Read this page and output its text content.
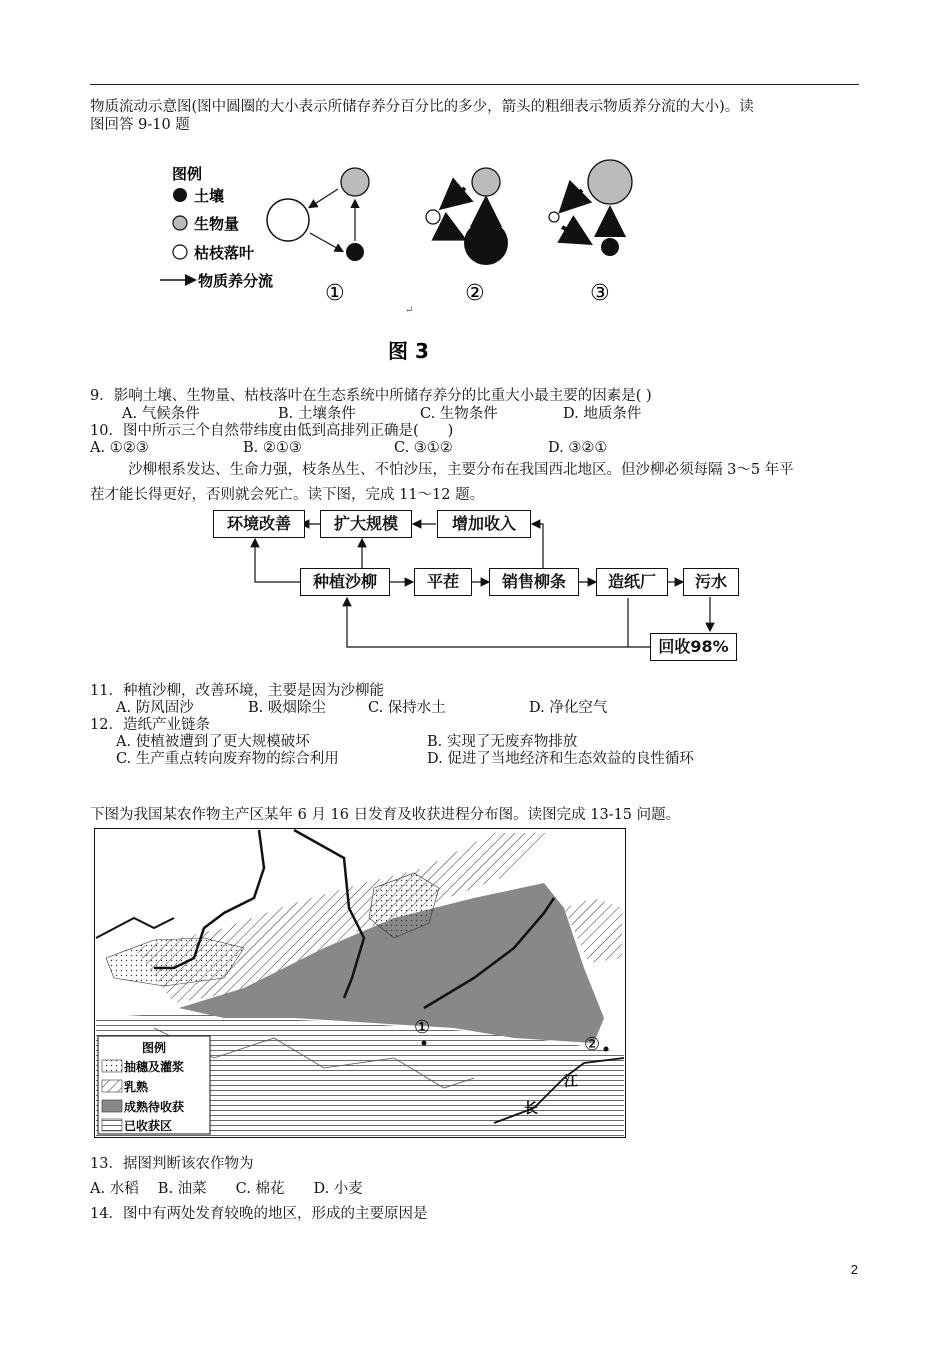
物质流动示意图(图中圆圈的大小表示所储存养分百分比的多少，箭头的粗细表示物质养分流的大小)。读
图回答 9-10 题
图例
土壤
生物量
枯枝落叶
物质养分流 ①	②	③
↵
图 3
9．影响土壤、生物量、枯枝落叶在生态系统中所储存养分的比重大小最主要的因素是( )
A. 气候条件	B. 土壤条件	C. 生物条件	D. 地质条件
10．图中所示三个自然带纬度由低到高排列正确是(　　)
A. ①②③	B. ②①③	C. ③①②	D. ③②①
沙柳根系发达、生命力强，枝条丛生、不怕沙压，主要分布在我国西北地区。但沙柳必须每隔 3～5 年平
茬才能长得更好，否则就会死亡。读下图，完成 11～12 题。
环境改善	扩大规模	增加收入
种植沙柳	平茬	销售柳条	造纸厂	污水
回收98%
11．种植沙柳，改善环境，主要是因为沙柳能
A. 防风固沙	B. 吸烟除尘	C. 保持水土	D. 净化空气
12．造纸产业链条
A. 使植被遭到了更大规模破坏	B. 实现了无废弃物排放
C. 生产重点转向废弃物的综合利用	D. 促进了当地经济和生态效益的良性循环
下图为我国某农作物主产区某年 6 月 16 日发育及收获进程分布图。读图完成 13-15 问题。
①
②
江
长
图例
抽穗及灌浆
乳熟
成熟待收获
已收获区
13．据图判断该农作物为
A. 水稻　 B. 油菜　　C. 棉花　　D. 小麦
14．图中有两处发育较晚的地区，形成的主要原因是
2
